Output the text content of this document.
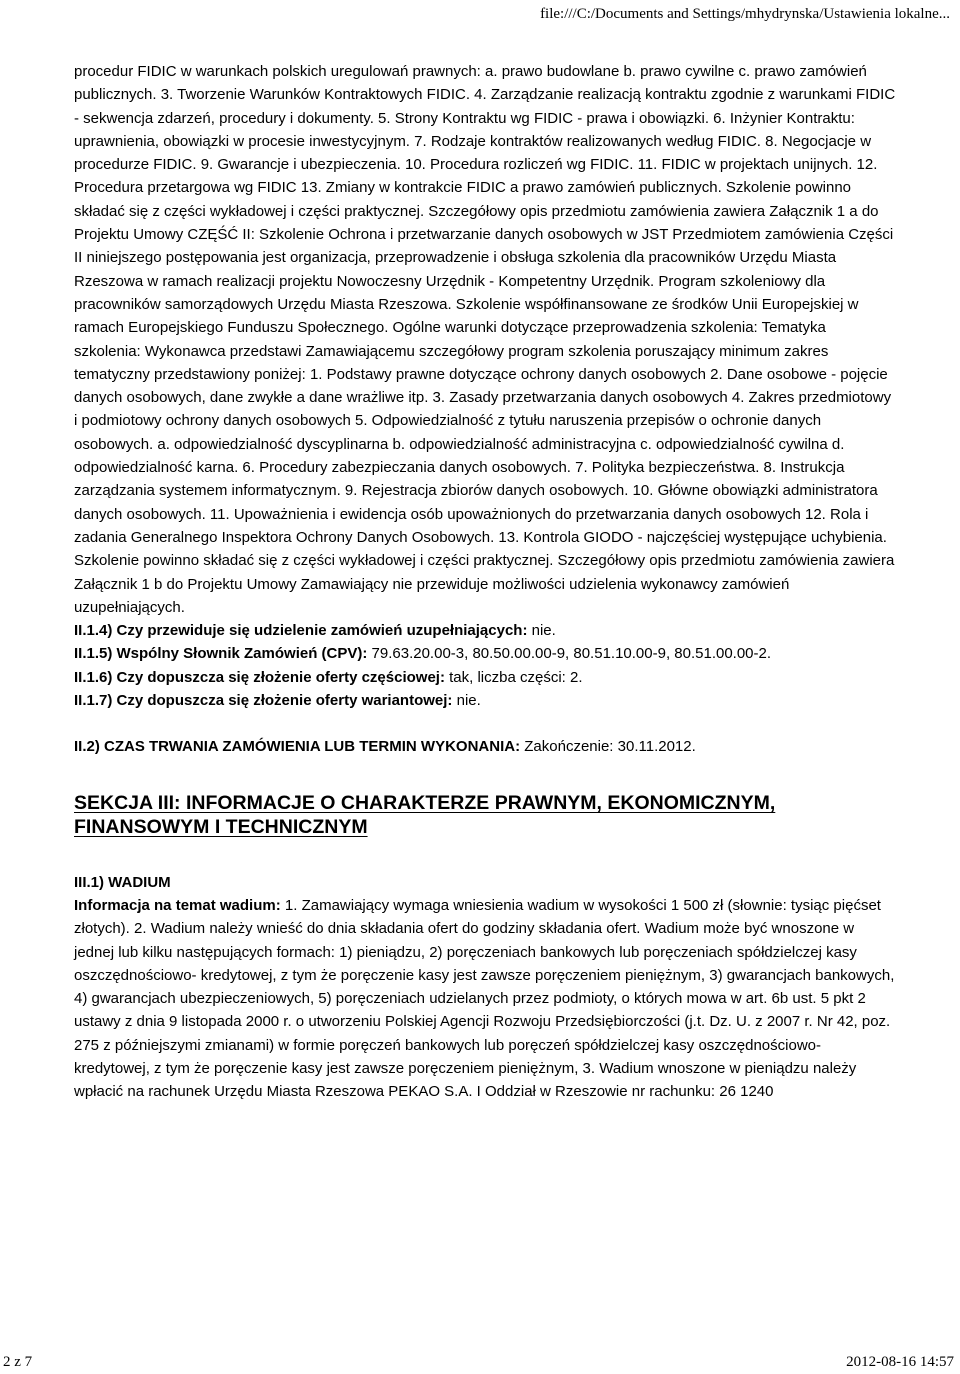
file:///C:/Documents and Settings/mhydrynska/Ustawienia lokalne...

procedur FIDIC w warunkach polskich uregulowań prawnych: a. prawo budowlane b. prawo cywilne c. prawo zamówień publicznych. 3. Tworzenie Warunków Kontraktowych FIDIC. 4. Zarządzanie realizacją kontraktu zgodnie z warunkami FIDIC - sekwencja zdarzeń, procedury i dokumenty. 5. Strony Kontraktu wg FIDIC - prawa i obowiązki. 6. Inżynier Kontraktu: uprawnienia, obowiązki w procesie inwestycyjnym. 7. Rodzaje kontraktów realizowanych według FIDIC. 8. Negocjacje w procedurze FIDIC. 9. Gwarancje i ubezpieczenia. 10. Procedura rozliczeń wg FIDIC. 11. FIDIC w projektach unijnych. 12. Procedura przetargowa wg FIDIC 13. Zmiany w kontrakcie FIDIC a prawo zamówień publicznych. Szkolenie powinno składać się z części wykładowej i części praktycznej. Szczegółowy opis przedmiotu zamówienia zawiera Załącznik 1 a do Projektu Umowy CZĘŚĆ II: Szkolenie Ochrona i przetwarzanie danych osobowych w JST Przedmiotem zamówienia Części II niniejszego postępowania jest organizacja, przeprowadzenie i obsługa szkolenia dla pracowników Urzędu Miasta Rzeszowa w ramach realizacji projektu Nowoczesny Urzędnik - Kompetentny Urzędnik. Program szkoleniowy dla pracowników samorządowych Urzędu Miasta Rzeszowa. Szkolenie współfinansowane ze środków Unii Europejskiej w ramach Europejskiego Funduszu Społecznego. Ogólne warunki dotyczące przeprowadzenia szkolenia: Tematyka szkolenia: Wykonawca przedstawi Zamawiającemu szczegółowy program szkolenia poruszający minimum zakres tematyczny przedstawiony poniżej: 1. Podstawy prawne dotyczące ochrony danych osobowych 2. Dane osobowe - pojęcie danych osobowych, dane zwykłe a dane wrażliwe itp. 3. Zasady przetwarzania danych osobowych 4. Zakres przedmiotowy i podmiotowy ochrony danych osobowych 5. Odpowiedzialność z tytułu naruszenia przepisów o ochronie danych osobowych. a. odpowiedzialność dyscyplinarna b. odpowiedzialność administracyjna c. odpowiedzialność cywilna d. odpowiedzialność karna. 6. Procedury zabezpieczania danych osobowych. 7. Polityka bezpieczeństwa. 8. Instrukcja zarządzania systemem informatycznym. 9. Rejestracja zbiorów danych osobowych. 10. Główne obowiązki administratora danych osobowych. 11. Upoważnienia i ewidencja osób upoważnionych do przetwarzania danych osobowych 12. Rola i zadania Generalnego Inspektora Ochrony Danych Osobowych. 13. Kontrola GIODO - najczęściej występujące uchybienia. Szkolenie powinno składać się z części wykładowej i części praktycznej. Szczegółowy opis przedmiotu zamówienia zawiera Załącznik 1 b do Projektu Umowy Zamawiający nie przewiduje możliwości udzielenia wykonawcy zamówień uzupełniających.

II.1.4) Czy przewiduje się udzielenie zamówień uzupełniających: nie.

II.1.5) Wspólny Słownik Zamówień (CPV): 79.63.20.00-3, 80.50.00.00-9, 80.51.10.00-9, 80.51.00.00-2.

II.1.6) Czy dopuszcza się złożenie oferty częściowej: tak, liczba części: 2.

II.1.7) Czy dopuszcza się złożenie oferty wariantowej: nie.

II.2) CZAS TRWANIA ZAMÓWIENIA LUB TERMIN WYKONANIA: Zakończenie: 30.11.2012.

SEKCJA III: INFORMACJE O CHARAKTERZE PRAWNYM, EKONOMICZNYM, FINANSOWYM I TECHNICZNYM

III.1) WADIUM

Informacja na temat wadium: 1. Zamawiający wymaga wniesienia wadium w wysokości 1 500 zł (słownie: tysiąc pięćset złotych). 2. Wadium należy wnieść do dnia składania ofert do godziny składania ofert. Wadium może być wnoszone w jednej lub kilku następujących formach: 1) pieniądzu, 2) poręczeniach bankowych lub poręczeniach spółdzielczej kasy oszczędnościowo- kredytowej, z tym że poręczenie kasy jest zawsze poręczeniem pieniężnym, 3) gwarancjach bankowych, 4) gwarancjach ubezpieczeniowych, 5) poręczeniach udzielanych przez podmioty, o których mowa w art. 6b ust. 5 pkt 2 ustawy z dnia 9 listopada 2000 r. o utworzeniu Polskiej Agencji Rozwoju Przedsiębiorczości (j.t. Dz. U. z 2007 r. Nr 42, poz. 275 z późniejszymi zmianami) w formie poręczeń bankowych lub poręczeń spółdzielczej kasy oszczędnościowo-kredytowej, z tym że poręczenie kasy jest zawsze poręczeniem pieniężnym, 3. Wadium wnoszone w pieniądzu należy wpłacić na rachunek Urzędu Miasta Rzeszowa PEKAO S.A. I Oddział w Rzeszowie nr rachunku: 26 1240

2 z 7	2012-08-16 14:57
